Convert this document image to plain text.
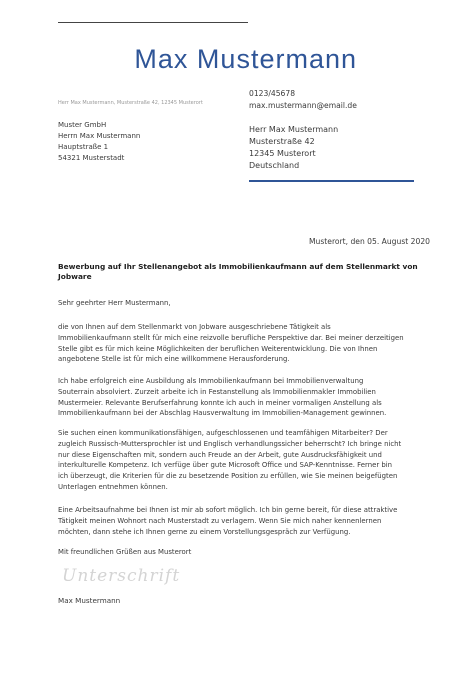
Max Mustermann
Herr Max Mustermann, Musterstraße 42, 12345 Musterort
0123/45678
max.mustermann@email.de
Muster GmbH
Herrn Max Mustermann
Hauptstraße 1
54321 Musterstadt
Herr Max Mustermann
Musterstraße 42
12345 Musterort
Deutschland
Musterort, den 05. August 2020
Bewerbung auf Ihr Stellenangebot als Immobilienkaufmann auf dem Stellenmarkt von
Jobware
Sehr geehrter Herr Mustermann,
die von Ihnen auf dem Stellenmarkt von Jobware ausgeschriebene Tätigkeit als
Immobilienkaufmann stellt für mich eine reizvolle berufliche Perspektive dar. Bei meiner derzeitigen
Stelle gibt es für mich keine Möglichkeiten der beruflichen Weiterentwicklung. Die von Ihnen
angebotene Stelle ist für mich eine willkommene Herausforderung.
Ich habe erfolgreich eine Ausbildung als Immobilienkaufmann bei Immobilienverwaltung
Souterrain absolviert. Zurzeit arbeite ich in Festanstellung als Immobilienmakler Immobilien
Mustermeier. Relevante Berufserfahrung konnte ich auch in meiner vormaligen Anstellung als
Immobilienkaufmann bei der Abschlag Hausverwaltung im Immobilien-Management gewinnen.
Sie suchen einen kommunikationsfähigen, aufgeschlossenen und teamfähigen Mitarbeiter? Der
zugleich Russisch-Muttersprochler ist und Englisch verhandlungssicher beherrscht? Ich bringe nicht
nur diese Eigenschaften mit, sondern auch Freude an der Arbeit, gute Ausdrucksfähigkeit und
interkulturelle Kompetenz. Ich verfüge über gute Microsoft Office und SAP-Kenntnisse. Ferner bin
ich überzeugt, die Kriterien für die zu besetzende Position zu erfüllen, wie Sie meinen beigefügten
Unterlagen entnehmen können.
Eine Arbeitsaufnahme bei Ihnen ist mir ab sofort möglich. Ich bin gerne bereit, für diese attraktive
Tätigkeit meinen Wohnort nach Musterstadt zu verlagern. Wenn Sie mich naher kennenlernen
möchten, dann stehe ich Ihnen gerne zu einem Vorstellungsgespräch zur Verfügung.
Mit freundlichen Grüßen aus Musterort
Unterschrift
Max Mustermann
